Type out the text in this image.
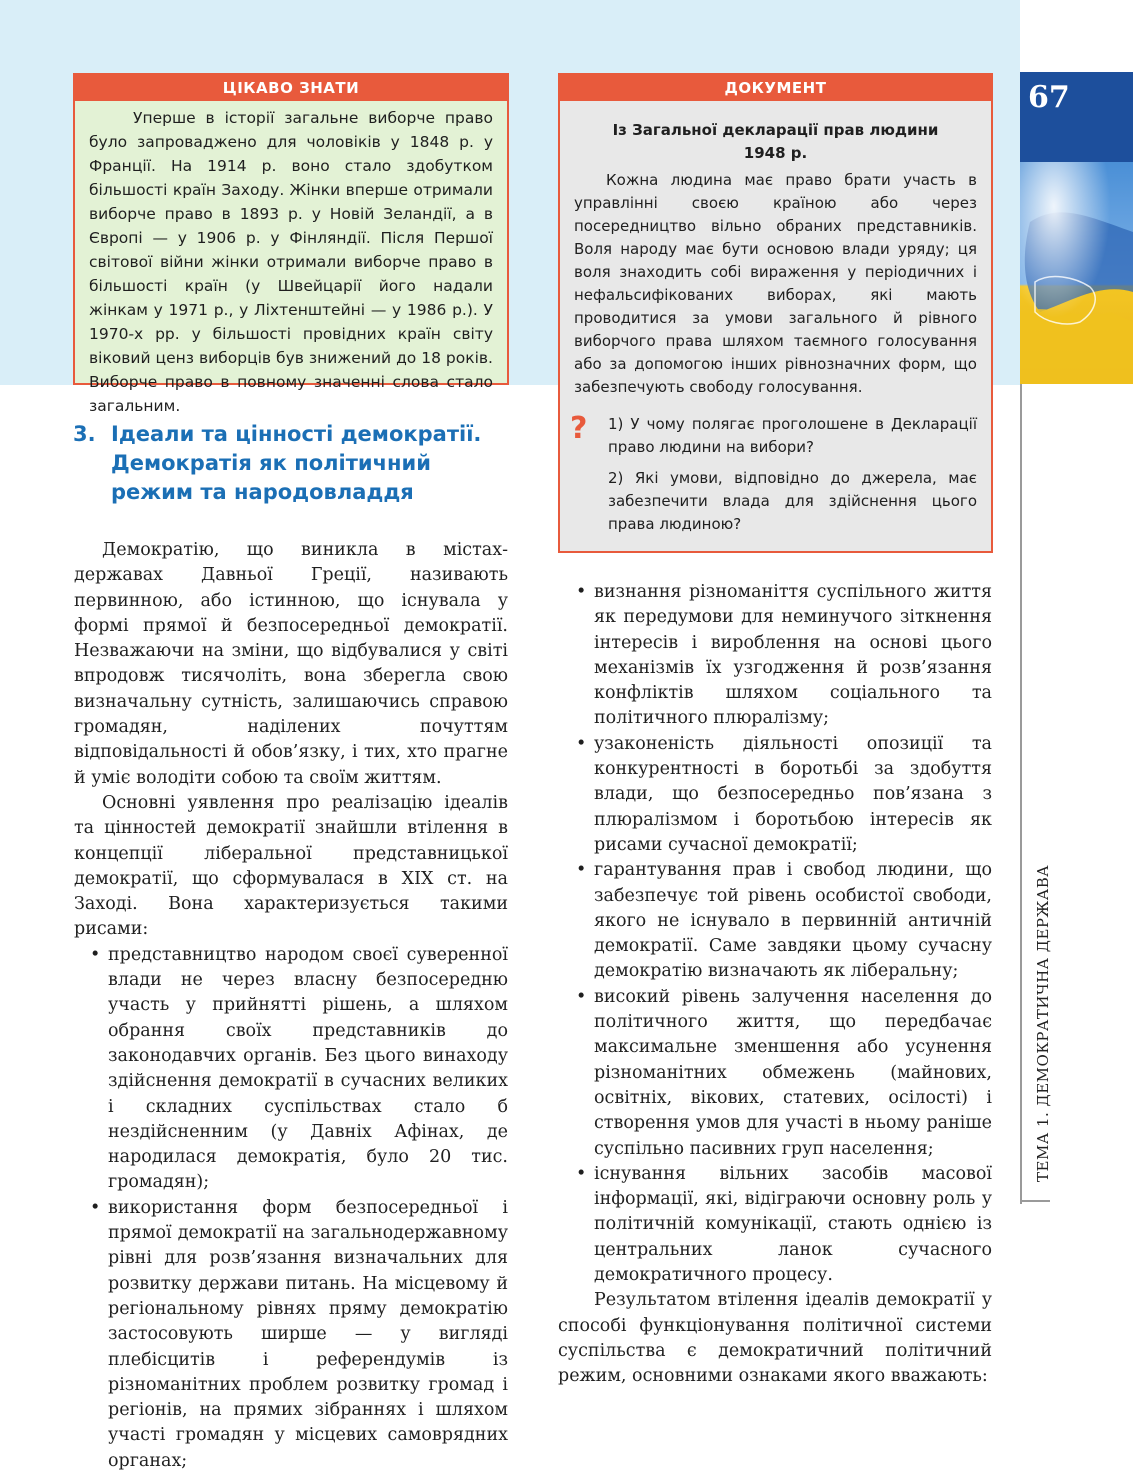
67
ТЕМА 1. ДЕМОКРАТИЧНА ДЕРЖАВА
ЦІКАВО ЗНАТИ

Уперше в історії загальне виборче право було запроваджено для чоловіків у 1848 р. у Франції. На 1914 р. воно стало здобутком більшості країн Заходу. Жінки вперше отримали виборче право в 1893 р. у Новій Зеландії, а в Європі — у 1906 р. у Фінляндії. Після Першої світової війни жінки отримали виборче право в більшості країн (у Швейцарії його надали жінкам у 1971 р., у Ліхтенштейні — у 1986 р.). У 1970-х рр. у більшості провідних країн світу віковий ценз виборців був знижений до 18 років. Виборче право в повному значенні слова стало загальним.

ДОКУМЕНТ
Із Загальної декларації прав людини 1948 р.

Кожна людина має право брати участь в управлінні своєю країною або через посередництво вільно обраних представників. Воля народу має бути основою влади уряду; ця воля знаходить собі вираження у періодичних і нефальсифікованих виборах, які мають проводитися за умови загального й рівного виборчого права шляхом таємного голосування або за допомогою інших рівнозначних форм, що забезпечують свободу голосування.

? 1) У чому полягає проголошене в Декларації право людини на вибори?

2) Які умови, відповідно до джерела, має забезпечити влада для здійснення цього права людиною?

3. Ідеали та цінності демократії. Демократія як політичний режим та народовладдя

Демократію, що виникла в містах-державах Давньої Греції, називають первинною, або істинною, що існувала у формі прямої й безпосередньої демократії. Незважаючи на зміни, що відбувалися у світі впродовж тисячоліть, вона зберегла свою визначальну сутність, залишаючись справою громадян, наділених почуттям відповідальності й обов’язку, і тих, хто прагне й уміє володіти собою та своїм життям.

Основні уявлення про реалізацію ідеалів та цінностей демократії знайшли втілення в концепції ліберальної представницької демократії, що сформувалася в ХІХ ст. на Заході. Вона характеризується такими рисами:

• представництво народом своєї суверенної влади не через власну безпосередню участь у прийнятті рішень, а шляхом обрання своїх представників до законодавчих органів. Без цього винаходу здійснення демократії в сучасних великих і складних суспільствах стало б нездійсненним (у Давніх Афінах, де народилася демократія, було 20 тис. громадян);
• використання форм безпосередньої і прямої демократії на загальнодержавному рівні для розв’язання визначальних для розвитку держави питань. На місцевому й регіональному рівнях пряму демократію застосовують ширше — у вигляді плебісцитів і референдумів із різноманітних проблем розвитку громад і регіонів, на прямих зібраннях і шляхом участі громадян у місцевих самоврядних органах;
• визнання різноманіття суспільного життя як передумови для неминучого зіткнення інтересів і вироблення на основі цього механізмів їх узгодження й розв’язання конфліктів шляхом соціального та політичного плюралізму;
• узаконеність діяльності опозиції та конкурентності в боротьбі за здобуття влади, що безпосередньо пов’язана з плюралізмом і боротьбою інтересів як рисами сучасної демократії;
• гарантування прав і свобод людини, що забезпечує той рівень особистої свободи, якого не існувало в первинній античній демократії. Саме завдяки цьому сучасну демократію визначають як ліберальну;
• високий рівень залучення населення до політичного життя, що передбачає максимальне зменшення або усунення різноманітних обмежень (майнових, освітніх, вікових, статевих, осілості) і створення умов для участі в ньому раніше суспільно пасивних груп населення;
• існування вільних засобів масової інформації, які, відіграючи основну роль у політичній комунікації, стають однією із центральних ланок сучасного демократичного процесу.

Результатом втілення ідеалів демократії у способі функціонування політичної системи суспільства є демократичний політичний режим, основними ознаками якого вважають:
